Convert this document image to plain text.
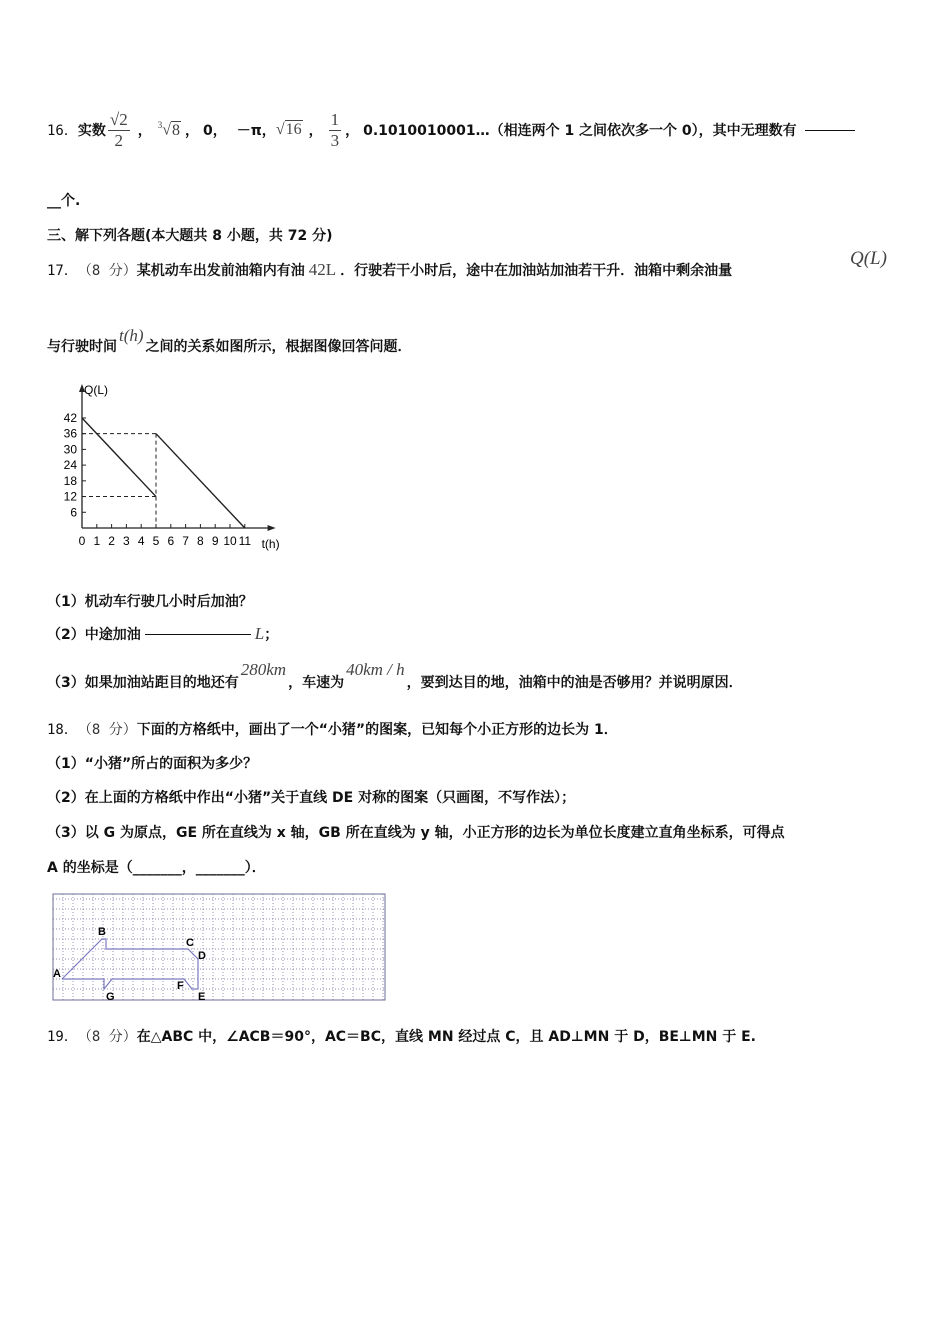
16． 实数 $\frac{√2}{2}$ ， $^3$√8 ， 0， －π， √16 ， $\frac{1}{3}$ ， 0.1010010001…（相连两个 1 之间依次多一个 0），其中无理数有
__个.
三、解下列各题(本大题共 8 小题，共 72 分)
17． （8 分） 某机动车出发前油箱内有油 42L ．行驶若干小时后，途中在加油站加油若干升．油箱中剩余油量
Q(L)
与行驶时间
t(h)
之间的关系如图所示，根据图像回答问题．
Q(L)
t(h)
42
36
30
24
18
12
6
0 1 2 3 4 5 6 7 8 9 10 11
（1）机动车行驶几小时后加油？
（2）中途加油	L ；
（3）如果加油站距目的地还有
280km
，车速为
40km / h
，要到达目的地，油箱中的油是否够用？并说明原因．
18． （8 分） 下面的方格纸中，画出了一个“小猪”的图案，已知每个小正方形的边长为 1．
（1）“小猪”所占的面积为多少？
（2）在上面的方格纸中作出“小猪”关于直线 DE 对称的图案（只画图，不写作法）；
（3）以 G 为原点，GE 所在直线为 x 轴，GB 所在直线为 y 轴，小正方形的边长为单位长度建立直角坐标系，可得点
A 的坐标是（_______，_______）．
A
B
C
D
E
F
G
19． （8 分） 在△ABC 中，∠ACB＝90°，AC＝BC，直线 MN 经过点 C，且 AD⊥MN 于 D，BE⊥MN 于 E.
